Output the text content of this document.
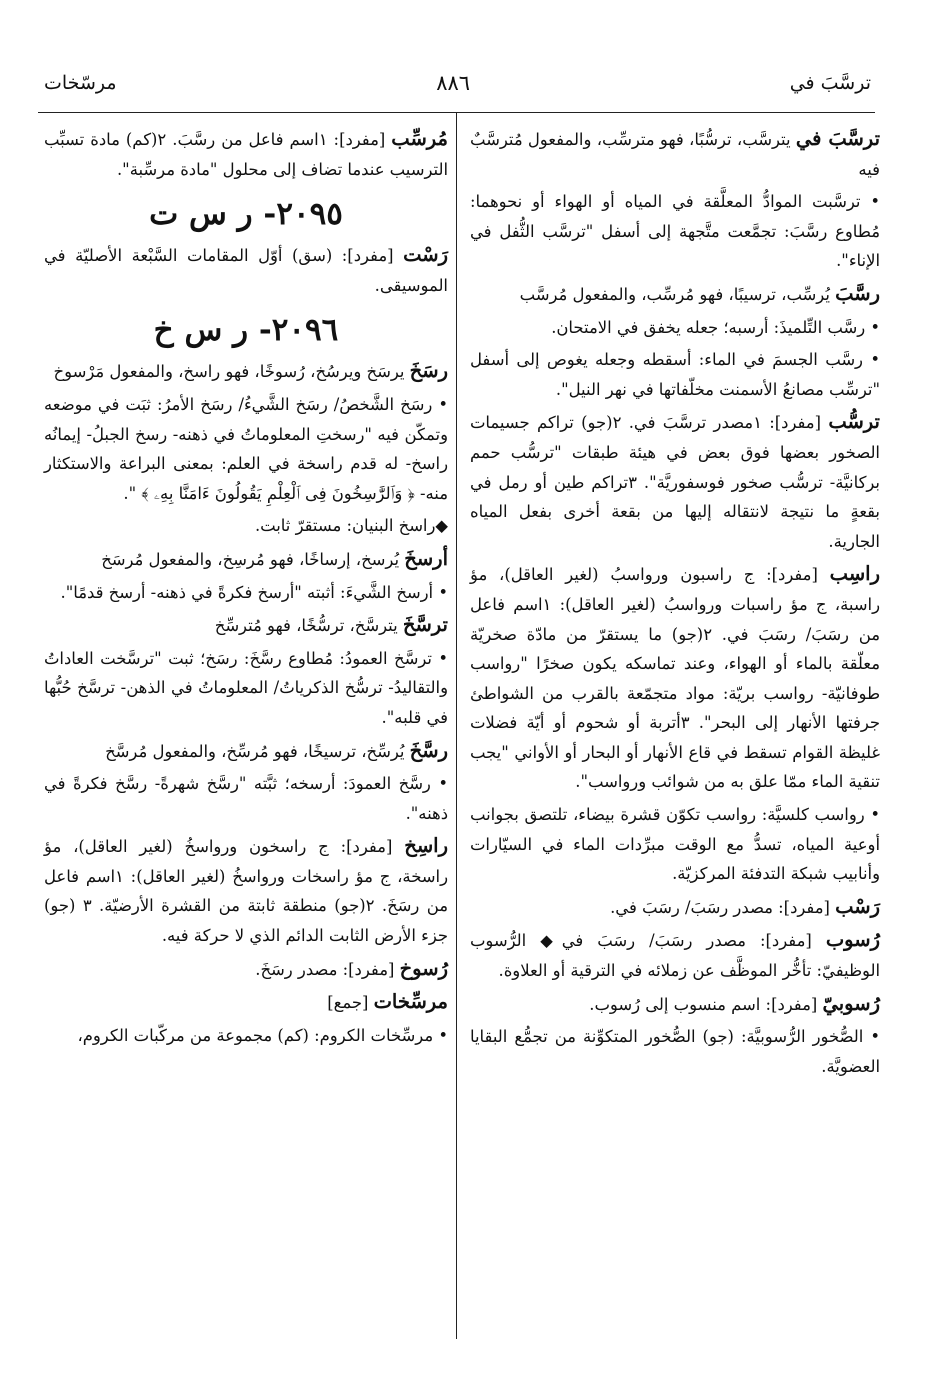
ترسَّبَ في
٨٨٦
مرسّخات

ترسَّبَ في يترسَّب، ترسُّبًا، فهو مترسِّب، والمفعول مُترسَّبٌ فيه

• ترسَّبت الموادُّ المعلَّقة في المياه أو الهواء أو نحوهما: مُطاوع رسَّبَ: تجمَّعت متَّجهة إلى أسفل "ترسَّب الثُّفل في الإناء".

رسَّبَ يُرسِّب، ترسيبًا، فهو مُرسِّب، والمفعول مُرسَّب

• رسَّب التِّلميذَ: أرسبه؛ جعله يخفق في الامتحان.

• رسَّب الجسمَ في الماء: أسقطه وجعله يغوص إلى أسفل "ترسِّب مصانعُ الأسمنت مخلّفاتها في نهر النيل".

ترسُّب [مفرد]: ١مصدر ترسَّبَ في. ٢(جو) تراكم جسيمات الصخور بعضها فوق بعض في هيئة طبقات "ترسُّب حمم بركانيَّة- ترسُّب صخور فوسفوريَّة". ٣تراكم طين أو رمل في بقعةٍ ما نتيجة لانتقاله إليها من بقعة أخرى بفعل المياه الجارية.

راسِب [مفرد]: ج راسبون ورواسبُ (لغير العاقل)، مؤ راسبة، ج مؤ راسبات ورواسبُ (لغير العاقل): ١اسم فاعل من رسَبَ/ رسَبَ في. ٢(جو) ما يستقرّ من مادّة صخريّة معلّقة بالماء أو الهواء، وعند تماسكه يكون صخرًا "رواسب طوفانيّة- رواسب بريّة: مواد متجمّعة بالقرب من الشواطئ جرفتها الأنهار إلى البحر". ٣أتربة أو شحوم أو أيّة فضلات غليظة القوام تسقط في قاع الأنهار أو البحار أو الأواني "يجب تنقية الماء ممّا علق به من شوائب ورواسب".

• رواسب كلسيَّة: رواسب تكوّن قشرة بيضاء، تلتصق بجوانب أوعية المياه، تسدُّ مع الوقت مبرِّدات الماء في السيّارات وأنابيب شبكة التدفئة المركزيّة.

رَسْب [مفرد]: مصدر رسَبَ/ رسَبَ في.

رُسوب [مفرد]: مصدر رسَبَ/ رسَبَ في◆ الرُّسوب الوظيفيّ: تأخُّر الموظَّف عن زملائه في الترقية أو العلاوة.

رُسوبيّ [مفرد]: اسم منسوب إلى رُسوب.

• الصُّخور الرُّسوبيَّة: (جو) الصُّخور المتكوِّنة من تجمُّع البقايا العضويَّة.

مُرسِّب [مفرد]: ١اسم فاعل من رسَّبَ. ٢(كم) مادة تسبِّب الترسيب عندما تضاف إلى محلول "مادة مرسِّبة".

٢٠٩٥- ر س ت

رَسْت [مفرد]: (سق) أوّل المقامات السَّبْعة الأصليّة في الموسيقى.

٢٠٩٦- ر س خ

رسَخَ يرسَخ ويرسُخ، رُسوخًا، فهو راسخ، والمفعول مَرْسوخ

• رسَخ الشَّخصُ/ رسَخ الشَّيءُ/ رسَخ الأمرُ: ثبَت في موضعه وتمكّن فيه "رسختِ المعلوماتُ في ذهنه- رسخ الجبلُ- إيمانُه راسخ- له قدم راسخة في العلم: بمعنى البراعة والاستكثار منه- ﴿ وَٱلرَّٰسِخُونَ فِى ٱلْعِلْمِ يَقُولُونَ ءَامَنَّا بِهِۦ ﴾ ".

◆راسخ البنيان: مستقرّ ثابت.

أرسخَ يُرسخ، إرساخًا، فهو مُرسِخ، والمفعول مُرسَخ

• أرسخ الشَّيءَ: أثبته "أرسخ فكرةً في ذهنه- أرسخ قدمًا".

ترسَّخَ يترسَّخ، ترسُّخًا، فهو مُترسِّخ

• ترسَّخ العمودُ: مُطاوع رسَّخَ: رسَخ؛ ثبت "ترسَّخت العاداتُ والتقاليدُ- ترسُّخ الذكرياتُ/ المعلوماتُ في الذهن- ترسَّخ حُبُّها في قلبه".

رسَّخَ يُرسِّخ، ترسيخًا، فهو مُرسِّخ، والمفعول مُرسَّخ

• رسَّخ العمودَ: أرسخه؛ ثبَّته "رسَّخ شهرةً- رسَّخ فكرةً في ذهنه".

راسِخ [مفرد]: ج راسخون ورواسخُ (لغير العاقل)، مؤ راسخة، ج مؤ راسخات ورواسخُ (لغير العاقل): ١اسم فاعل من رسَخَ. ٢(جو) منطقة ثابتة من القشرة الأرضيّة. ٣ (جو) جزء الأرض الثابت الدائم الذي لا حركة فيه.

رُسوخ [مفرد]: مصدر رسَخَ.

مرسِّخات [جمع]

• مرسِّخات الكروم: (كم) مجموعة من مركّبات الكروم،
